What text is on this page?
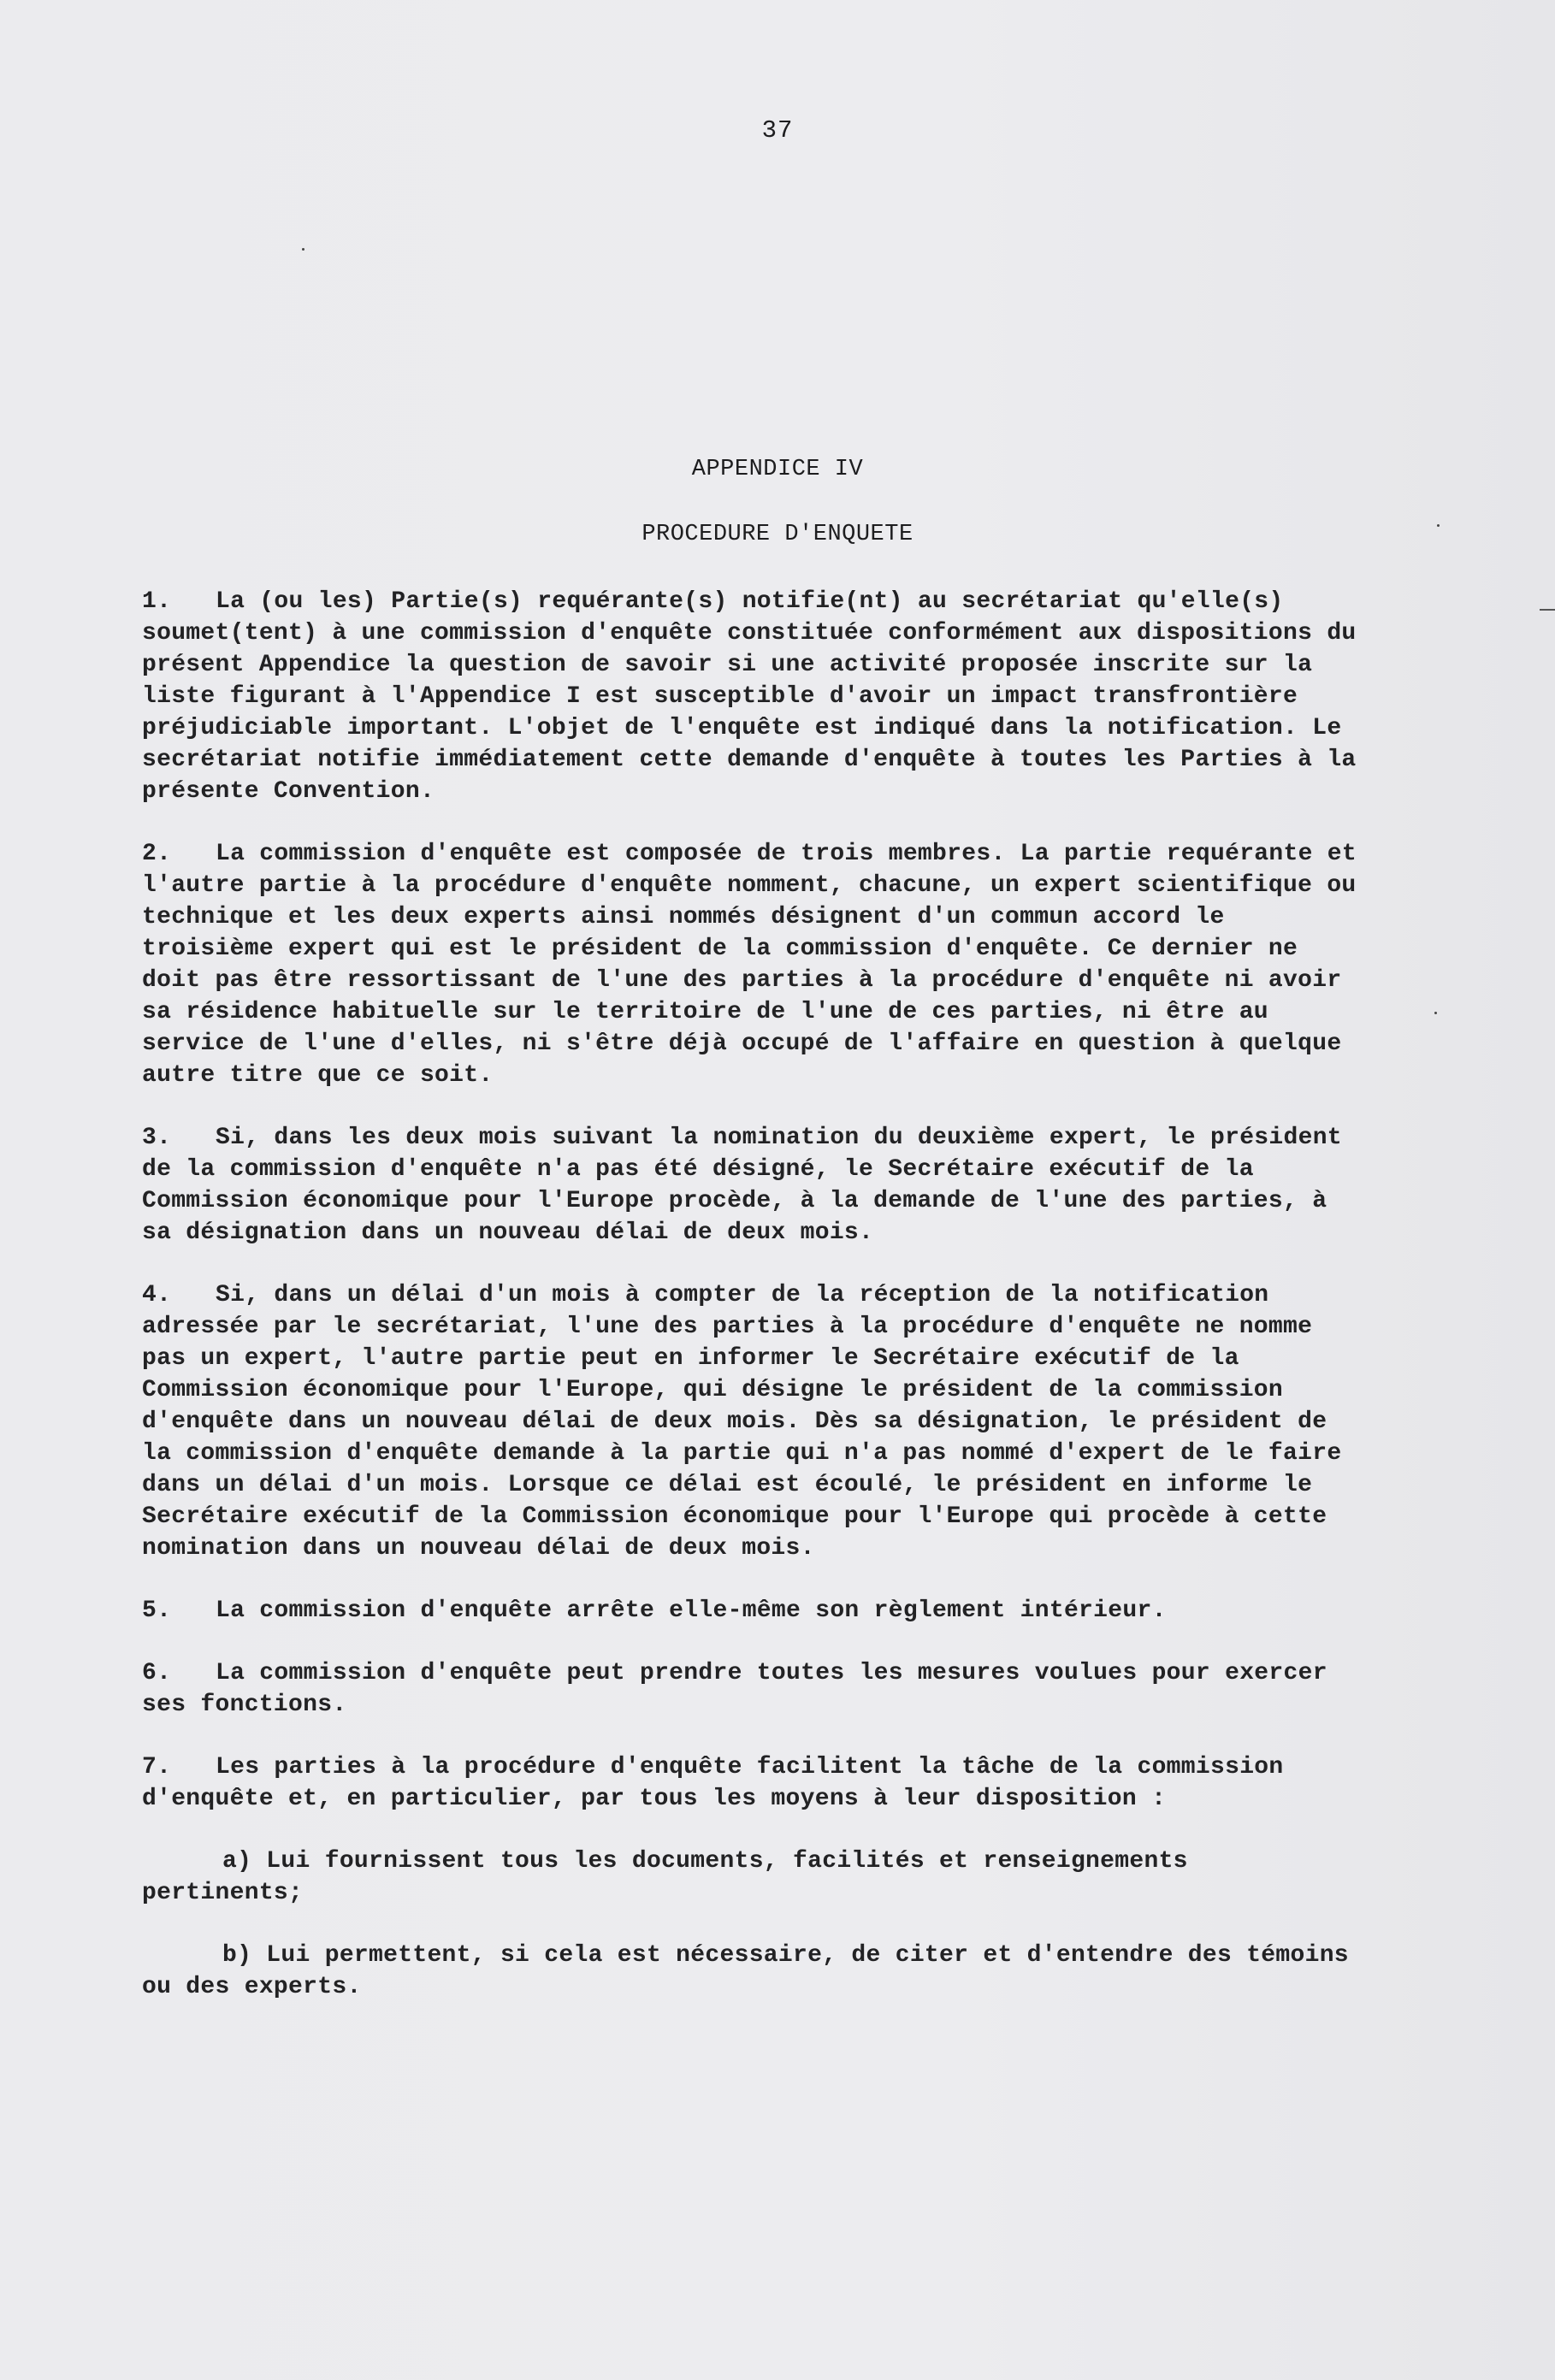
37
APPENDICE IV
PROCEDURE D'ENQUETE

1. La (ou les) Partie(s) requérante(s) notifie(nt) au secrétariat qu'elle(s) soumet(tent) à une commission d'enquête constituée conformément aux dispositions du présent Appendice la question de savoir si une activité proposée inscrite sur la liste figurant à l'Appendice I est susceptible d'avoir un impact transfrontière préjudiciable important. L'objet de l'enquête est indiqué dans la notification. Le secrétariat notifie immédiatement cette demande d'enquête à toutes les Parties à la présente Convention.

2. La commission d'enquête est composée de trois membres. La partie requérante et l'autre partie à la procédure d'enquête nomment, chacune, un expert scientifique ou technique et les deux experts ainsi nommés désignent d'un commun accord le troisième expert qui est le président de la commission d'enquête. Ce dernier ne doit pas être ressortissant de l'une des parties à la procédure d'enquête ni avoir sa résidence habituelle sur le territoire de l'une de ces parties, ni être au service de l'une d'elles, ni s'être déjà occupé de l'affaire en question à quelque autre titre que ce soit.

3. Si, dans les deux mois suivant la nomination du deuxième expert, le président de la commission d'enquête n'a pas été désigné, le Secrétaire exécutif de la Commission économique pour l'Europe procède, à la demande de l'une des parties, à sa désignation dans un nouveau délai de deux mois.

4. Si, dans un délai d'un mois à compter de la réception de la notification adressée par le secrétariat, l'une des parties à la procédure d'enquête ne nomme pas un expert, l'autre partie peut en informer le Secrétaire exécutif de la Commission économique pour l'Europe, qui désigne le président de la commission d'enquête dans un nouveau délai de deux mois. Dès sa désignation, le président de la commission d'enquête demande à la partie qui n'a pas nommé d'expert de le faire dans un délai d'un mois. Lorsque ce délai est écoulé, le président en informe le Secrétaire exécutif de la Commission économique pour l'Europe qui procède à cette nomination dans un nouveau délai de deux mois.

5. La commission d'enquête arrête elle-même son règlement intérieur.

6. La commission d'enquête peut prendre toutes les mesures voulues pour exercer ses fonctions.

7. Les parties à la procédure d'enquête facilitent la tâche de la commission d'enquête et, en particulier, par tous les moyens à leur disposition :

a) Lui fournissent tous les documents, facilités et renseignements pertinents;

b) Lui permettent, si cela est nécessaire, de citer et d'entendre des témoins ou des experts.
